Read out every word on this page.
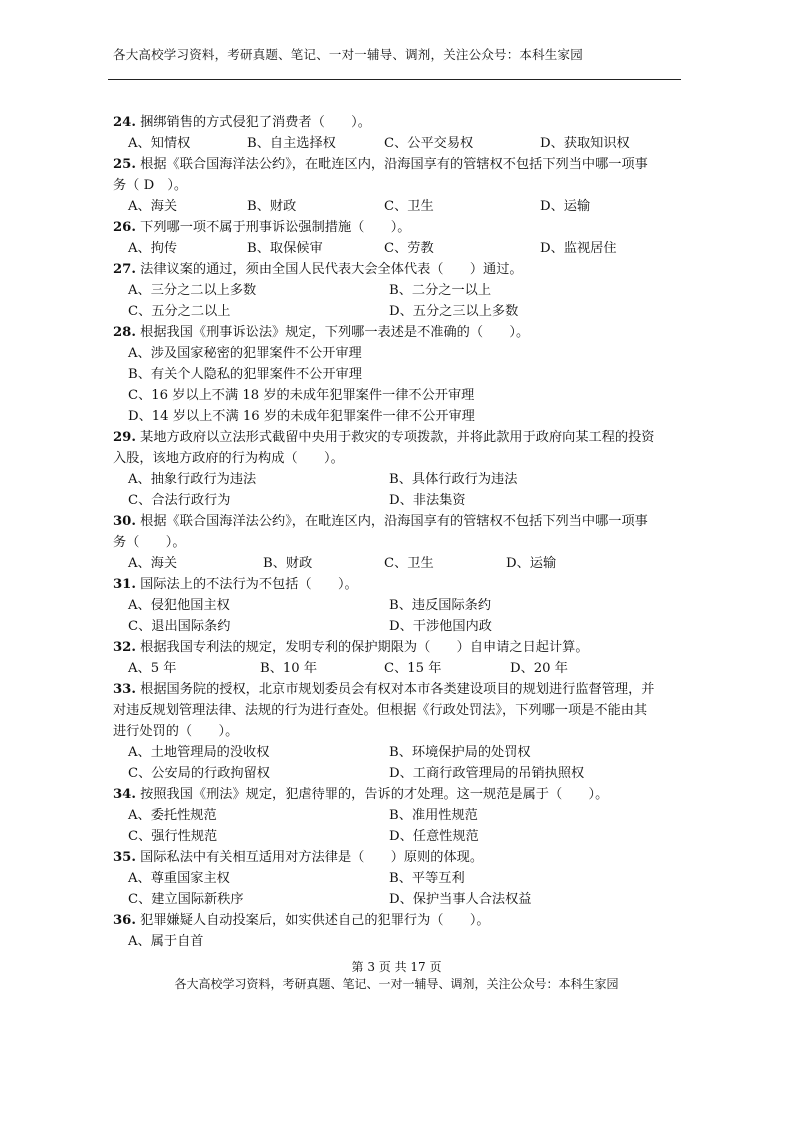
各大高校学习资料，考研真题、笔记、一对一辅导、调剂，关注公众号：本科生家园
24. 捆绑销售的方式侵犯了消费者（　　）。
A、知情权	B、自主选择权	C、公平交易权	D、获取知识权
25. 根据《联合国海洋法公约》，在毗连区内，沿海国享有的管辖权不包括下列当中哪一项事
务（ D　）。
A、海关	B、财政	C、卫生	D、运输
26. 下列哪一项不属于刑事诉讼强制措施（　　）。
A、拘传	B、取保候审	C、劳教	D、监视居住
27. 法律议案的通过，须由全国人民代表大会全体代表（　　）通过。
A、三分之二以上多数	B、二分之一以上
C、五分之二以上	D、五分之三以上多数
28. 根据我国《刑事诉讼法》规定，下列哪一表述是不准确的（　　）。
A、涉及国家秘密的犯罪案件不公开审理
B、有关个人隐私的犯罪案件不公开审理
C、16 岁以上不满 18 岁的未成年犯罪案件一律不公开审理
D、14 岁以上不满 16 岁的未成年犯罪案件一律不公开审理
29. 某地方政府以立法形式截留中央用于救灾的专项拨款，并将此款用于政府向某工程的投资
入股，该地方政府的行为构成（　　）。
A、抽象行政行为违法	B、具体行政行为违法
C、合法行政行为	D、非法集资
30. 根据《联合国海洋法公约》，在毗连区内，沿海国享有的管辖权不包括下列当中哪一项事
务（　　）。
A、海关	B、财政	C、卫生	D、运输
31. 国际法上的不法行为不包括（　　）。
A、侵犯他国主权	B、违反国际条约
C、退出国际条约	D、干涉他国内政
32. 根据我国专利法的规定，发明专利的保护期限为（　　）自申请之日起计算。
A、5 年	B、10 年	C、15 年	D、20 年
33. 根据国务院的授权，北京市规划委员会有权对本市各类建设项目的规划进行监督管理，并
对违反规划管理法律、法规的行为进行查处。但根据《行政处罚法》，下列哪一项是不能由其
进行处罚的（　　）。
A、土地管理局的没收权	B、环境保护局的处罚权
C、公安局的行政拘留权	D、工商行政管理局的吊销执照权
34. 按照我国《刑法》规定，犯虐待罪的，告诉的才处理。这一规范是属于（　　）。
A、委托性规范	B、准用性规范
C、强行性规范	D、任意性规范
35. 国际私法中有关相互适用对方法律是（　　）原则的体现。
A、尊重国家主权	B、平等互利
C、建立国际新秩序	D、保护当事人合法权益
36. 犯罪嫌疑人自动投案后，如实供述自己的犯罪行为（　　）。
A、属于自首
第 3 页 共 17 页
各大高校学习资料，考研真题、笔记、一对一辅导、调剂，关注公众号：本科生家园
